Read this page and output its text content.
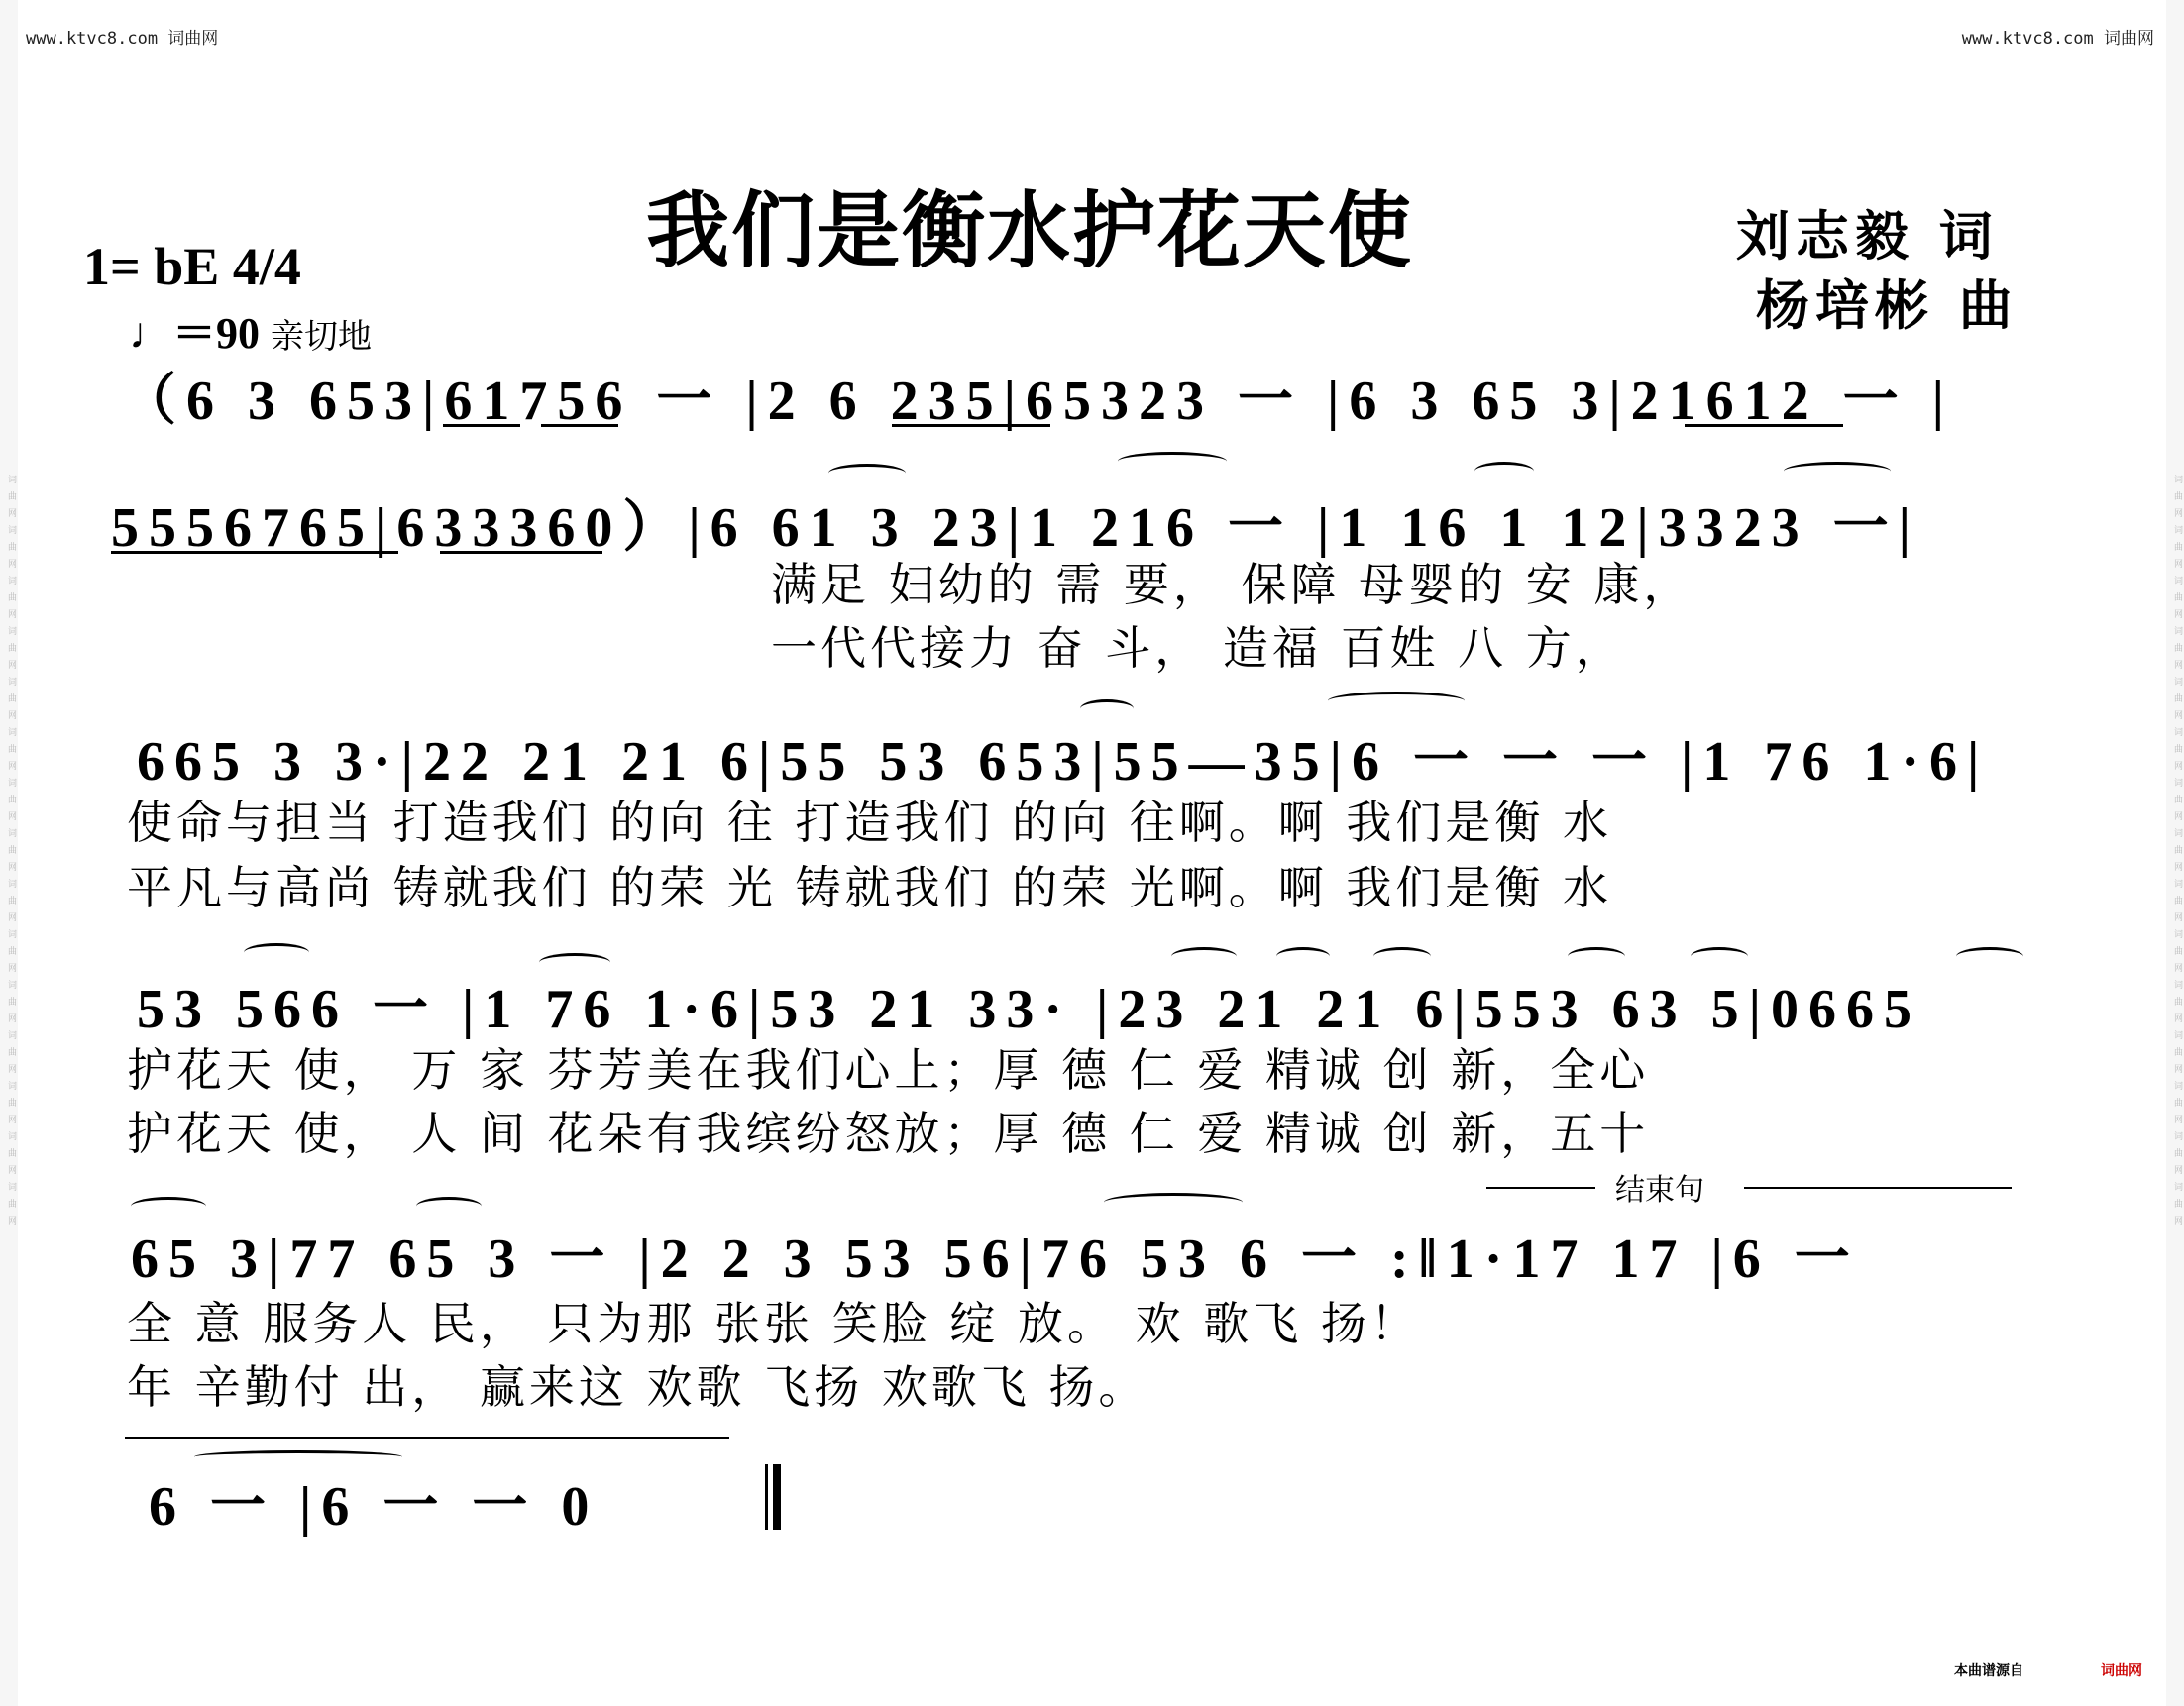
词曲网词曲网词曲网词曲网词曲网词曲网词曲网词曲网词曲网词曲网词曲网词曲网词曲网词曲网词曲网	词曲网词曲网词曲网词曲网词曲网词曲网词曲网词曲网词曲网词曲网词曲网词曲网词曲网词曲网词曲网
www.ktvc8.com 词曲网	www.ktvc8.com 词曲网
我们是衡水护花天使	刘志毅 词
杨培彬 曲
1= bE 4/4
♩＝90 亲切地
（6 3 653|61756 一 |2 6 235|65323 一 |6 3 65 3|21612 一 |
5556765|633360）|6 61 3 23|1 216 一 |1 16 1 12|3323 一|
满足 妇幼的 需 要， 保障 母婴的 安 康，
一代代接力 奋 斗， 造福 百姓 八 方，
665 3 3·|22 21 21 6|55 53 653|55—35|6 一 一 一 |1 76 1·6|
使命与担当 打造我们 的向 往 打造我们 的向 往啊。啊 我们是衡 水
平凡与高尚 铸就我们 的荣 光 铸就我们 的荣 光啊。啊 我们是衡 水
53 566 一 |1 76 1·6|53 21 33· |23 21 21 6|553 63 5|0665
护花天 使， 万 家 芬芳美在我们心上；厚 德 仁 爱 精诚 创 新，全心
护花天 使， 人 间 花朵有我缤纷怒放；厚 德 仁 爱 精诚 创 新，五十
结束句
65 3|77 65 3 一 |2 2 3 53 56|76 53 6 一 :‖1·17 17 |6 一
全 意 服务人 民， 只为那 张张 笑脸 绽 放。 欢 歌飞 扬！
年 辛勤付 出， 赢来这 欢歌 飞扬 欢歌飞 扬。
6 一 |6 一 一 0
本曲谱源自	词曲网
